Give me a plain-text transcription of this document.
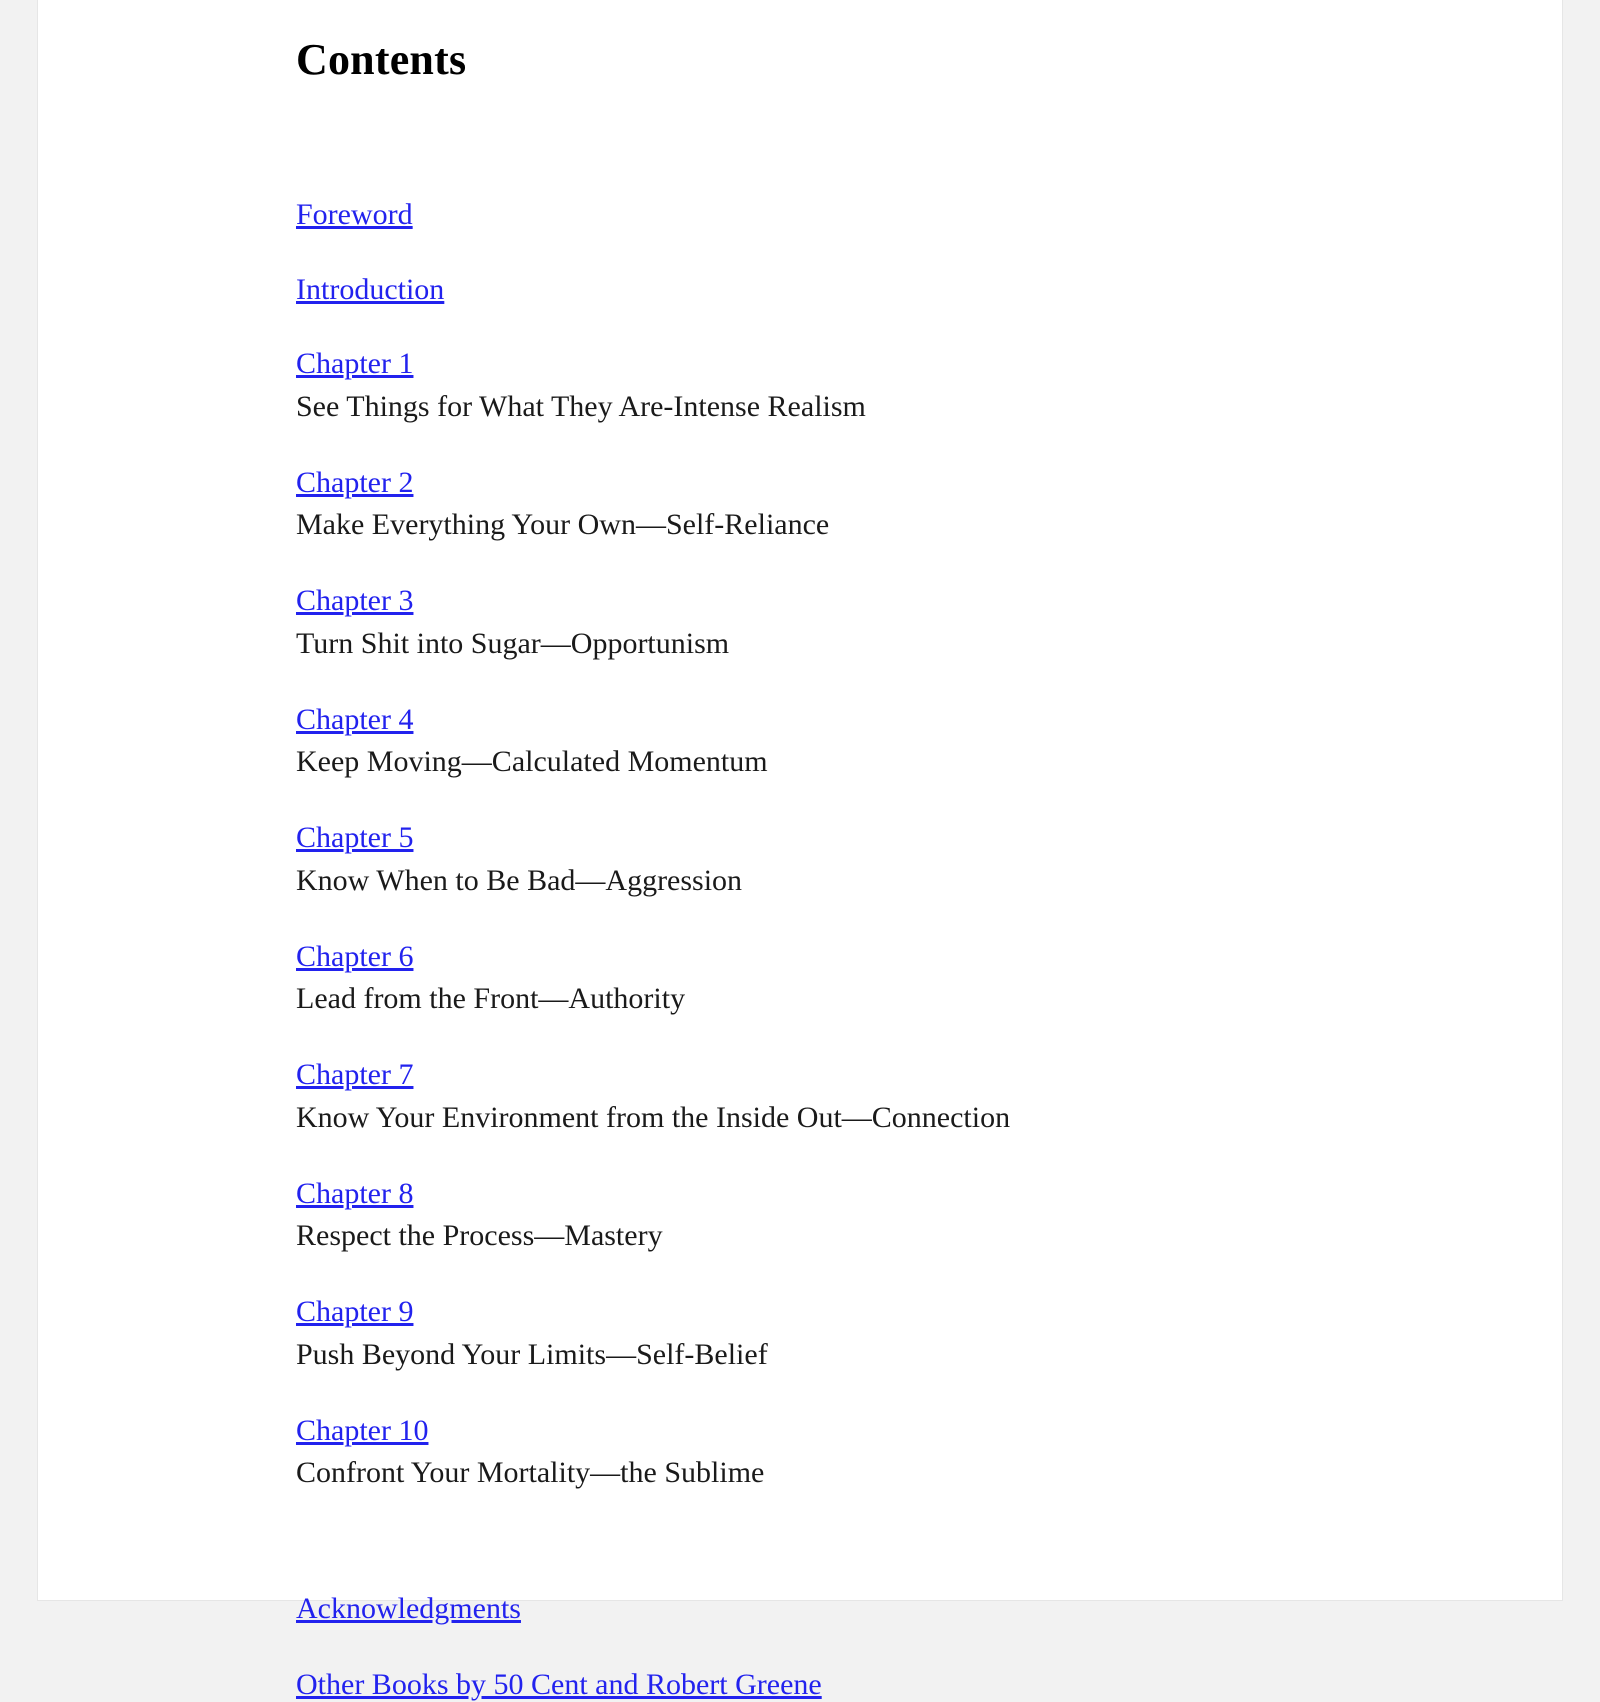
Contents
Foreword
Introduction
Chapter 1
See Things for What They Are-Intense Realism
Chapter 2
Make Everything Your Own—Self-Reliance
Chapter 3
Turn Shit into Sugar—Opportunism
Chapter 4
Keep Moving—Calculated Momentum
Chapter 5
Know When to Be Bad—Aggression
Chapter 6
Lead from the Front—Authority
Chapter 7
Know Your Environment from the Inside Out—Connection
Chapter 8
Respect the Process—Mastery
Chapter 9
Push Beyond Your Limits—Self-Belief
Chapter 10
Confront Your Mortality—the Sublime
Acknowledgments
Other Books by 50 Cent and Robert Greene
